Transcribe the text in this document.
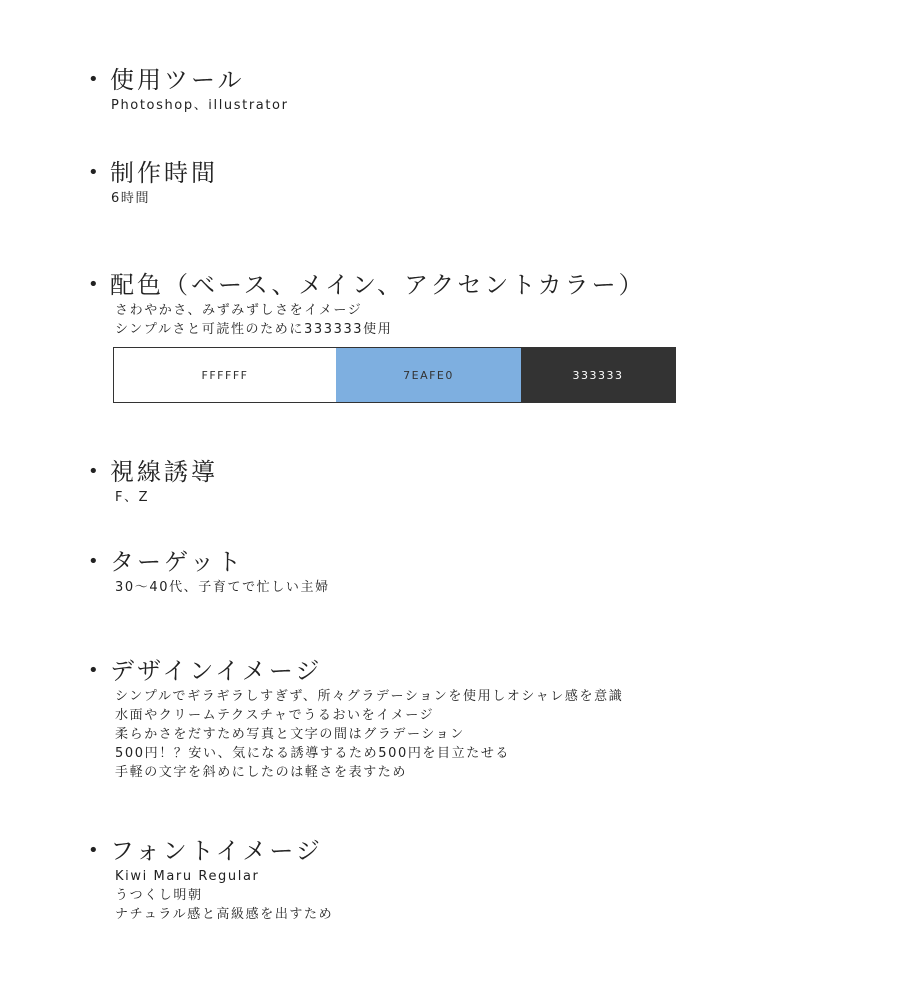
• 使用ツール
Photoshop、illustrator
• 制作時間
6時間
• 配色（ベース、メイン、アクセントカラー）
さわやかさ、みずみずしさをイメージ
シンプルさと可読性のために333333使用
FFFFFF	7EAFE0	333333
• 視線誘導
F、Z
• ターゲット
30〜40代、子育てで忙しい主婦
• デザインイメージ
シンプルでギラギラしすぎず、所々グラデーションを使用しオシャレ感を意識
水面やクリームテクスチャでうるおいをイメージ
柔らかさをだすため写真と文字の間はグラデーション
500円！？安い、気になる誘導するため500円を目立たせる
手軽の文字を斜めにしたのは軽さを表すため
• フォントイメージ
Kiwi Maru Regular
うつくし明朝
ナチュラル感と高級感を出すため
